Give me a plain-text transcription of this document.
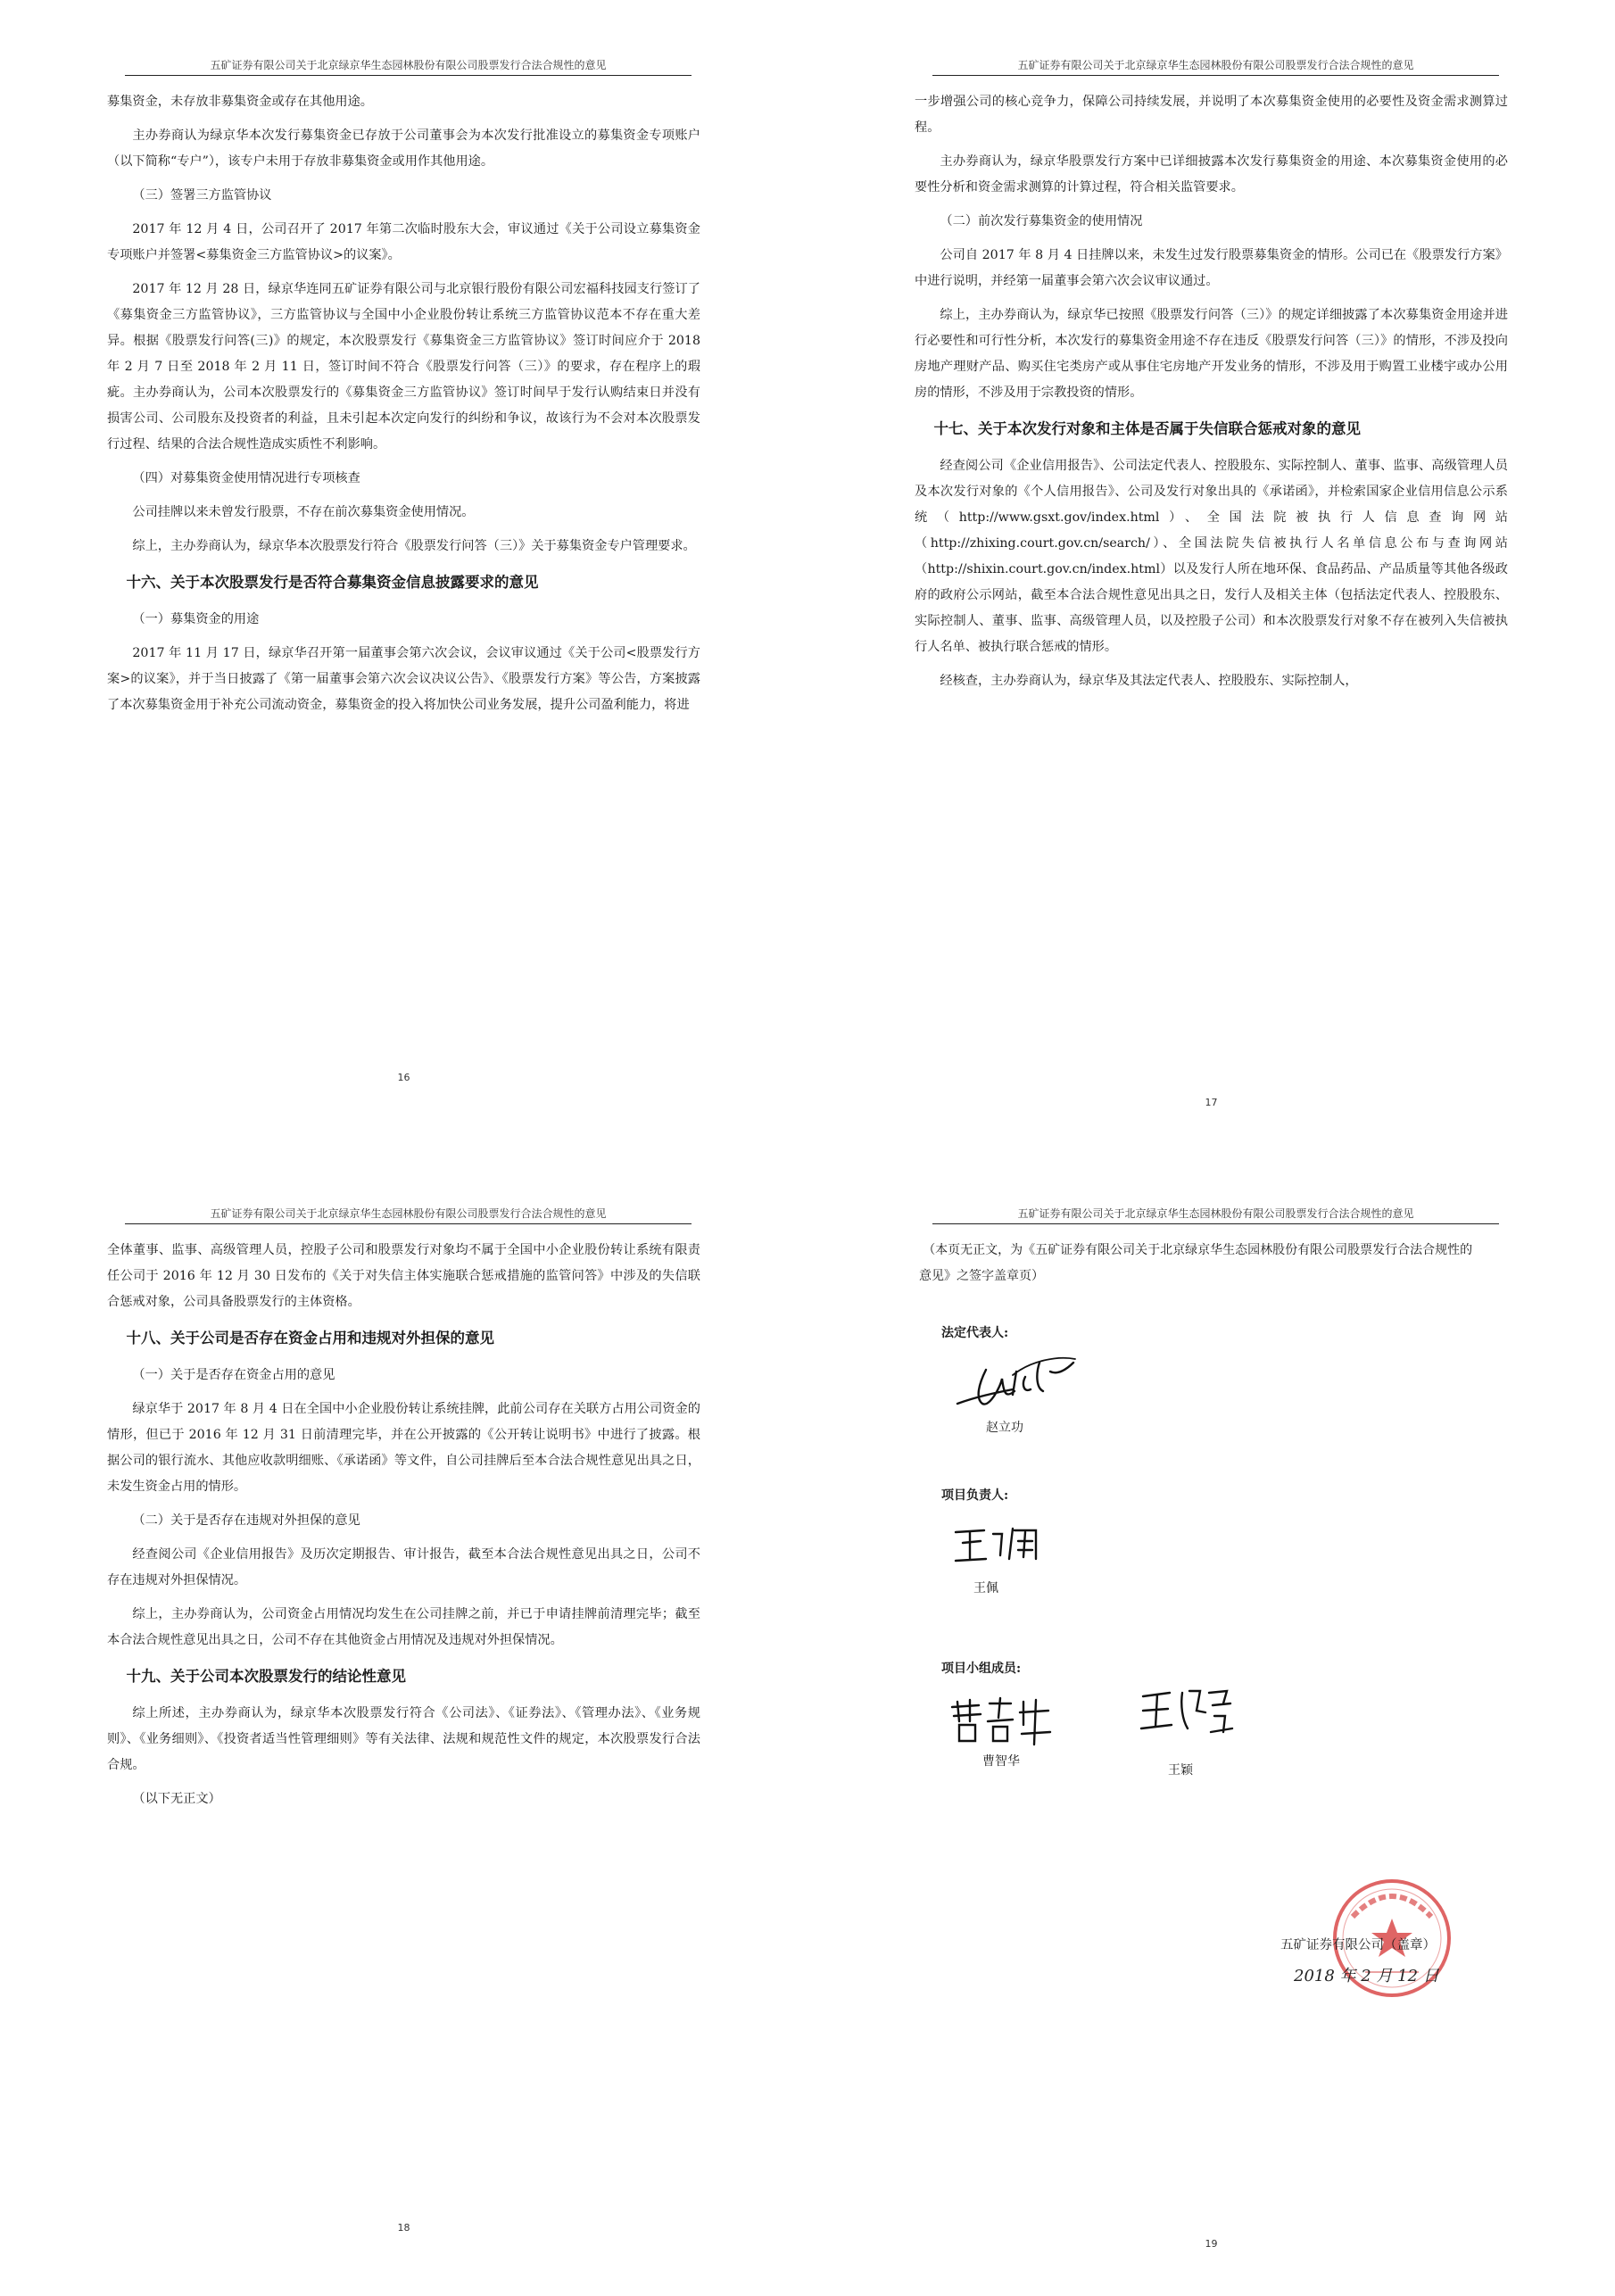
五矿证券有限公司关于北京绿京华生态园林股份有限公司股票发行合法合规性的意见

募集资金，未存放非募集资金或存在其他用途。

主办券商认为绿京华本次发行募集资金已存放于公司董事会为本次发行批准设立的募集资金专项账户（以下简称“专户”），该专户未用于存放非募集资金或用作其他用途。

（三）签署三方监管协议

2017 年 12 月 4 日，公司召开了 2017 年第二次临时股东大会，审议通过《关于公司设立募集资金专项账户并签署<募集资金三方监管协议>的议案》。

2017 年 12 月 28 日，绿京华连同五矿证券有限公司与北京银行股份有限公司宏福科技园支行签订了《募集资金三方监管协议》，三方监管协议与全国中小企业股份转让系统三方监管协议范本不存在重大差异。根据《股票发行问答(三)》的规定，本次股票发行《募集资金三方监管协议》签订时间应介于 2018 年 2 月 7 日至 2018 年 2 月 11 日，签订时间不符合《股票发行问答（三）》的要求，存在程序上的瑕疵。主办券商认为，公司本次股票发行的《募集资金三方监管协议》签订时间早于发行认购结束日并没有损害公司、公司股东及投资者的利益，且未引起本次定向发行的纠纷和争议，故该行为不会对本次股票发行过程、结果的合法合规性造成实质性不利影响。

（四）对募集资金使用情况进行专项核查

公司挂牌以来未曾发行股票，不存在前次募集资金使用情况。

综上，主办券商认为，绿京华本次股票发行符合《股票发行问答（三）》关于募集资金专户管理要求。

十六、关于本次股票发行是否符合募集资金信息披露要求的意见

（一）募集资金的用途

2017 年 11 月 17 日，绿京华召开第一届董事会第六次会议，会议审议通过《关于公司<股票发行方案>的议案》，并于当日披露了《第一届董事会第六次会议决议公告》、《股票发行方案》等公告，方案披露了本次募集资金用于补充公司流动资金，募集资金的投入将加快公司业务发展，提升公司盈利能力，将进

16
五矿证券有限公司关于北京绿京华生态园林股份有限公司股票发行合法合规性的意见

一步增强公司的核心竞争力，保障公司持续发展，并说明了本次募集资金使用的必要性及资金需求测算过程。

主办券商认为，绿京华股票发行方案中已详细披露本次发行募集资金的用途、本次募集资金使用的必要性分析和资金需求测算的计算过程，符合相关监管要求。

（二）前次发行募集资金的使用情况

公司自 2017 年 8 月 4 日挂牌以来，未发生过发行股票募集资金的情形。公司已在《股票发行方案》中进行说明，并经第一届董事会第六次会议审议通过。

综上，主办券商认为，绿京华已按照《股票发行问答（三）》的规定详细披露了本次募集资金用途并进行必要性和可行性分析，本次发行的募集资金用途不存在违反《股票发行问答（三）》的情形，不涉及投向房地产理财产品、购买住宅类房产或从事住宅房地产开发业务的情形，不涉及用于购置工业楼宇或办公用房的情形，不涉及用于宗教投资的情形。

十七、关于本次发行对象和主体是否属于失信联合惩戒对象的意见

经查阅公司《企业信用报告》、公司法定代表人、控股股东、实际控制人、董事、监事、高级管理人员及本次发行对象的《个人信用报告》、公司及发行对象出具的《承诺函》，并检索国家企业信用信息公示系统（http://www.gsxt.gov/index.html）、全国法院被执行人信息查询网站（http://zhixing.court.gov.cn/search/）、全国法院失信被执行人名单信息公布与查询网站（http://shixin.court.gov.cn/index.html）以及发行人所在地环保、食品药品、产品质量等其他各级政府的政府公示网站，截至本合法合规性意见出具之日，发行人及相关主体（包括法定代表人、控股股东、实际控制人、董事、监事、高级管理人员，以及控股子公司）和本次股票发行对象不存在被列入失信被执行人名单、被执行联合惩戒的情形。

经核查，主办券商认为，绿京华及其法定代表人、控股股东、实际控制人，

17
五矿证券有限公司关于北京绿京华生态园林股份有限公司股票发行合法合规性的意见

全体董事、监事、高级管理人员，控股子公司和股票发行对象均不属于全国中小企业股份转让系统有限责任公司于 2016 年 12 月 30 日发布的《关于对失信主体实施联合惩戒措施的监管问答》中涉及的失信联合惩戒对象，公司具备股票发行的主体资格。

十八、关于公司是否存在资金占用和违规对外担保的意见

（一）关于是否存在资金占用的意见

绿京华于 2017 年 8 月 4 日在全国中小企业股份转让系统挂牌，此前公司存在关联方占用公司资金的情形，但已于 2016 年 12 月 31 日前清理完毕，并在公开披露的《公开转让说明书》中进行了披露。根据公司的银行流水、其他应收款明细账、《承诺函》等文件，自公司挂牌后至本合法合规性意见出具之日，未发生资金占用的情形。

（二）关于是否存在违规对外担保的意见

经查阅公司《企业信用报告》及历次定期报告、审计报告，截至本合法合规性意见出具之日，公司不存在违规对外担保情况。

综上，主办券商认为，公司资金占用情况均发生在公司挂牌之前，并已于申请挂牌前清理完毕；截至本合法合规性意见出具之日，公司不存在其他资金占用情况及违规对外担保情况。

十九、关于公司本次股票发行的结论性意见

综上所述，主办券商认为，绿京华本次股票发行符合《公司法》、《证券法》、《管理办法》、《业务规则》、《业务细则》、《投资者适当性管理细则》等有关法律、法规和规范性文件的规定，本次股票发行合法合规。

（以下无正文）

18
五矿证券有限公司关于北京绿京华生态园林股份有限公司股票发行合法合规性的意见

（本页无正文，为《五矿证券有限公司关于北京绿京华生态园林股份有限公司股票发行合法合规性的意见》之签字盖章页）

法定代表人:
赵立功
项目负责人:
王佩
项目小组成员:
曹智华
王颖
五矿证券有限公司（盖章）
2018 年 2 月 12 日
19
